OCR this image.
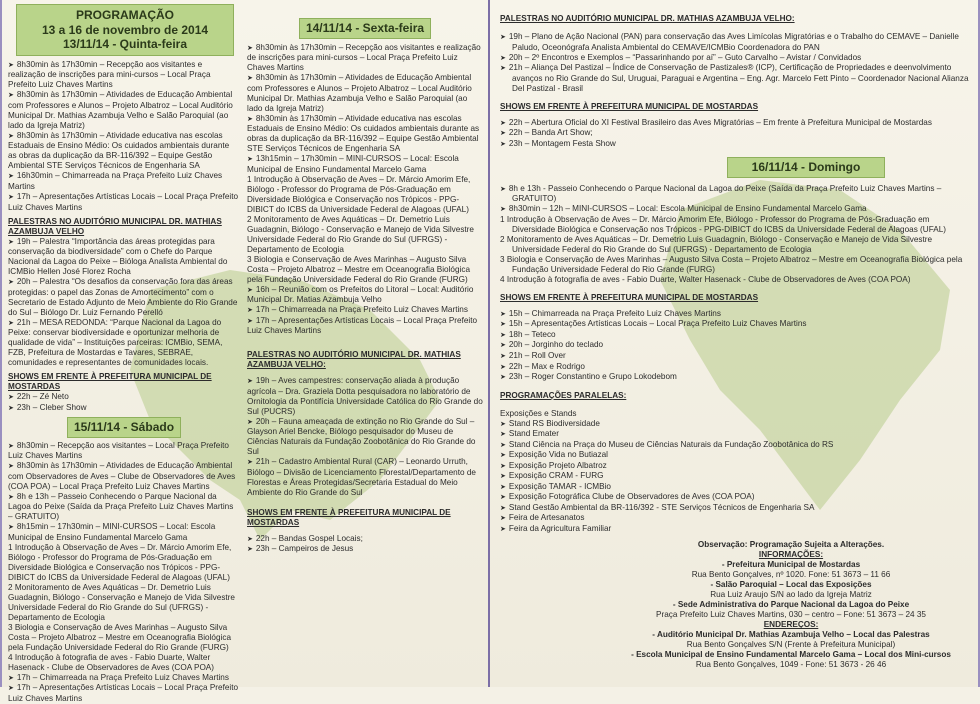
PROGRAMAÇÃO
13 a 16 de novembro de 2014
13/11/14 - Quinta-feira
➤ 8h30min às 17h30min – Recepção aos visitantes e realização de inscrições para mini-cursos – Local Praça Prefeito Luiz Chaves Martins
➤ 8h30min às 17h30min – Atividades de Educação Ambiental com Professores e Alunos – Projeto Albatroz – Local Auditório Municipal Dr. Mathias Azambuja Velho e Salão Paroquial (ao lado da Igreja Matriz)
➤ 8h30min às 17h30min – Atividade educativa nas escolas Estaduais de Ensino Médio: Os cuidados ambientais durante as obras da duplicação da BR-116/392 – Equipe Gestão Ambiental STE Serviços Técnicos de Engenharia SA
➤ 16h30min – Chimarreada na Praça Prefeito Luiz Chaves Martins
➤ 17h – Apresentações Artísticas Locais – Local Praça Prefeito Luiz Chaves Martins
PALESTRAS NO AUDITÓRIO MUNICIPAL DR. MATHIAS AZAMBUJA VELHO
➤ 19h – Palestra “Importância das áreas protegidas para conservação da biodiversidade” com o Chefe do Parque Nacional da Lagoa do Peixe – Bióloga Analista Ambiental do ICMBio Hellen José Florez Rocha
➤ 20h – Palestra “Os desafios da conservação fora das áreas protegidas: o papel das Zonas de Amortecimento” com o Secretario de Estado Adjunto de Meio Ambiente do Rio Grande do Sul – Biólogo Dr. Luiz Fernando Perelló
➤ 21h – MESA REDONDA: “Parque Nacional da Lagoa do Peixe: conservar biodiversidade e oportunizar melhoria de qualidade de vida” – Instituições parceiras: ICMBio, SEMA, FZB, Prefeitura de Mostardas e Tavares, SEBRAE, comunidades e representantes de comunidades locais.
SHOWS EM FRENTE À PREFEITURA MUNICIPAL DE MOSTARDAS
➤ 22h – Zé Neto
➤ 23h – Cleber Show
15/11/14 - Sábado
➤ 8h30min – Recepção aos visitantes – Local Praça Prefeito Luiz Chaves Martins
➤ 8h30min às 17h30min – Atividades de Educação Ambiental com Observadores de Aves – Clube de Observadores de Aves (COA POA) – Local Praça Prefeito Luiz Chaves Martins
➤ 8h e 13h – Passeio Conhecendo o Parque Nacional da Lagoa do Peixe (Saída da Praça Prefeito Luiz Chaves Martins – GRATUITO)
➤ 8h15min – 17h30min – MINI-CURSOS – Local: Escola Municipal de Ensino Fundamental Marcelo Gama
1 Introdução à Observação de Aves – Dr. Márcio Amorim Efe, Biólogo - Professor do Programa de Pós-Graduação em Diversidade Biológica e Conservação nos Trópicos - PPG-DIBICT do ICBS da Universidade Federal de Alagoas (UFAL)
2 Monitoramento de Aves Aquáticas – Dr. Demetrio Luis Guadagnin, Biólogo - Conservação e Manejo de Vida Silvestre Universidade Federal do Rio Grande do Sul (UFRGS) - Departamento de Ecologia
3 Biologia e Conservação de Aves Marinhas – Augusto Silva Costa – Projeto Albatroz – Mestre em Oceanografia Biológica pela Fundação Universidade Federal do Rio Grande (FURG)
4 Introdução à fotografia de aves - Fabio Duarte, Walter Hasenack - Clube de Observadores de Aves (COA POA)
➤ 17h – Chimarreada na Praça Prefeito Luiz Chaves Martins
➤ 17h – Apresentações Artísticas Locais – Local Praça Prefeito Luiz Chaves Martins
14/11/14 - Sexta-feira
➤ 8h30min às 17h30min – Recepção aos visitantes e realização de inscrições para mini-cursos – Local Praça Prefeito Luiz Chaves Martins
➤ 8h30min às 17h30min – Atividades de Educação Ambiental com Professores e Alunos – Projeto Albatroz – Local Auditório Municipal Dr. Mathias Azambuja Velho e Salão Paroquial (ao lado da Igreja Matriz)
➤ 8h30min às 17h30min – Atividade educativa nas escolas Estaduais de Ensino Médio: Os cuidados ambientais durante as obras da duplicação da BR-116/392 – Equipe Gestão Ambiental STE Serviços Técnicos de Engenharia SA
➤ 13h15min – 17h30min – MINI-CURSOS – Local: Escola Municipal de Ensino Fundamental Marcelo Gama
1 Introdução à Observação de Aves – Dr. Márcio Amorim Efe, Biólogo - Professor do Programa de Pós-Graduação em Diversidade Biológica e Conservação nos Trópicos - PPG-DIBICT do ICBS da Universidade Federal de Alagoas (UFAL)
2 Monitoramento de Aves Aquáticas – Dr. Demetrio Luis Guadagnin, Biólogo - Conservação e Manejo de Vida Silvestre Universidade Federal do Rio Grande do Sul (UFRGS) - Departamento de Ecologia
3 Biologia e Conservação de Aves Marinhas – Augusto Silva Costa – Projeto Albatroz – Mestre em Oceanografia Biológica pela Fundação Universidade Federal do Rio Grande (FURG)
➤ 16h – Reunião com os Prefeitos do Litoral – Local: Auditório Municipal Dr. Matias Azambuja Velho
➤ 17h – Chimarreada na Praça Prefeito Luiz Chaves Martins
➤ 17h – Apresentações Artísticas Locais – Local Praça Prefeito Luiz Chaves Martins
PALESTRAS NO AUDITÓRIO MUNICIPAL DR. MATHIAS AZAMBUJA VELHO:
➤ 19h – Aves campestres: conservação aliada à produção agrícola – Dra. Graziela Dotta pesquisadora no laboratório de Ornitologia da Pontifícia Universidade Católica do Rio Grande do Sul (PUCRS)
➤ 20h – Fauna ameaçada de extinção no Rio Grande do Sul – Glayson Ariel Bencke, Biólogo pesquisador do Museu de Ciências Naturais da Fundação Zoobotânica do Rio Grande do Sul
➤ 21h – Cadastro Ambiental Rural (CAR) – Leonardo Urruth, Biólogo – Divisão de Licenciamento Florestal/Departamento de Florestas e Áreas Protegidas/Secretaria Estadual do Meio Ambiente do Rio Grande do Sul
SHOWS EM FRENTE À PREFEITURA MUNICIPAL DE MOSTARDAS
➤ 22h – Bandas Gospel Locais;
➤ 23h – Campeiros de Jesus
PALESTRAS NO AUDITÓRIO MUNICIPAL DR. MATHIAS AZAMBUJA VELHO:
➤ 19h – Plano de Ação Nacional (PAN) para conservação das Aves Limícolas Migratórias e o Trabalho do CEMAVE – Danielle Paludo, Oceonógrafa Analista Ambiental do CEMAVE/ICMBio Coordenadora do PAN
➤ 20h – 2º Encontros e Exemplos – “Passarinhando por aí” – Guto Carvalho – Avistar / Convidados
➤ 21h – Aliança Del Pastizal – Índice de Conservação de Pastizales® (ICP), Certificação de Propriedades e deenvolvimento avanços no Rio Grande do Sul, Uruguai, Paraguai e Argentina – Eng. Agr. Marcelo Fett Pinto – Coordenador Nacional Alianza Del Pastizal - Brasil
SHOWS EM FRENTE À PREFEITURA MUNICIPAL DE MOSTARDAS
➤ 22h – Abertura Oficial do XI Festival Brasileiro das Aves Migratórias – Em frente à Prefeitura Municipal de Mostardas
➤ 22h – Banda Art Show;
➤ 23h – Montagem Festa Show
16/11/14 - Domingo
➤ 8h e 13h - Passeio Conhecendo o Parque Nacional da Lagoa do Peixe (Saída da Praça Prefeito Luiz Chaves Martins – GRATUITO)
➤ 8h30min – 12h – MINI-CURSOS – Local: Escola Municipal de Ensino Fundamental Marcelo Gama
1 Introdução à Observação de Aves – Dr. Márcio Amorim Efe, Biólogo - Professor do Programa de Pós-Graduação em Diversidade Biológica e Conservação nos Trópicos - PPG-DIBICT do ICBS da Universidade Federal de Alagoas (UFAL)
2 Monitoramento de Aves Aquáticas – Dr. Demetrio Luis Guadagnin, Biólogo - Conservação e Manejo de Vida Silvestre Universidade Federal do Rio Grande do Sul (UFRGS) - Departamento de Ecologia
3 Biologia e Conservação de Aves Marinhas – Augusto Silva Costa – Projeto Albatroz – Mestre em Oceanografia Biológica pela Fundação Universidade Federal do Rio Grande (FURG)
4 Introdução à fotografia de aves - Fabio Duarte, Walter Hasenack - Clube de Observadores de Aves (COA POA)
SHOWS EM FRENTE À PREFEITURA MUNICIPAL DE MOSTARDAS
➤ 15h – Chimarreada na Praça Prefeito Luiz Chaves Martins
➤ 15h – Apresentações Artísticas Locais – Local Praça Prefeito Luiz Chaves Martins
➤ 18h – Teteco
➤ 20h – Jorginho do teclado
➤ 21h – Roll Over
➤ 22h – Max e Rodrigo
➤ 23h – Roger Constantino e Grupo Lokodebom
PROGRAMAÇÕES PARALELAS:
Exposições e Stands
➤ Stand RS Biodiversidade
➤ Stand Emater
➤ Stand Ciência na Praça do Museu de Ciências Naturais da Fundação Zoobotânica do RS
➤ Exposição Vida no Butiazal
➤ Exposição Projeto Albatroz
➤ Exposição CRAM - FURG
➤ Exposição TAMAR - ICMBio
➤ Exposição Fotográfica Clube de Observadores de Aves (COA POA)
➤ Stand Gestão Ambiental da BR-116/392 - STE Serviços Técnicos de Engenharia SA
➤ Feira de Artesanatos
➤ Feira da Agricultura Familiar
Observação: Programação Sujeita a Alterações.
INFORMAÇÕES:
- Prefeitura Municipal de Mostardas
Rua Bento Gonçalves, nº 1020. Fone: 51 3673 – 11 66
- Salão Paroquial – Local das Exposições
Rua Luiz Araujo S/N ao lado da Igreja Matriz
- Sede Administrativa do Parque Nacional da Lagoa do Peixe
Praça Prefeito Luiz Chaves Martins, 030 – centro – Fone: 51 3673 – 24 35
ENDEREÇOS:
- Auditório Municipal Dr. Mathias Azambuja Velho – Local das Palestras
Rua Bento Gonçalves S/N (Frente à Prefeitura Municipal)
- Escola Municipal de Ensino Fundamental Marcelo Gama – Local dos Mini-cursos
Rua Bento Gonçalves, 1049 - Fone: 51 3673 - 26 46
